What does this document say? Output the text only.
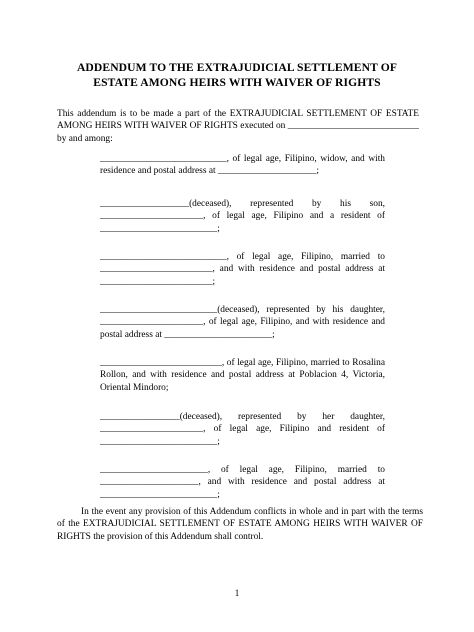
ADDENDUM TO THE EXTRAJUDICIAL SETTLEMENT OF
ESTATE AMONG HEIRS WITH WAIVER OF RIGHTS
This addendum is to be made a part of the EXTRAJUDICIAL SETTLEMENT OF ESTATE AMONG HEIRS WITH WAIVER OF RIGHTS executed on ____________________________ by and among:
___________________________, of legal age, Filipino, widow, and with residence and postal address at _____________________;
___________________(deceased), represented by his son, ______________________, of legal age, Filipino and a resident of _________________________;
___________________________, of legal age, Filipino, married to ________________________, and with residence and postal address at ________________________;
_________________________(deceased), represented by his daughter, ______________________, of legal age, Filipino, and with residence and postal address at _______________________;
__________________________, of legal age, Filipino, married to Rosalina Rollon, and with residence and postal address at Poblacion 4, Victoria, Oriental Mindoro;
_________________(deceased), represented by her daughter, ______________________, of legal age, Filipino and resident of _________________________;
_______________________, of legal age, Filipino, married to _____________________, and with residence and postal address at _________________________;
In the event any provision of this Addendum conflicts in whole and in part with the terms of the EXTRAJUDICIAL SETTLEMENT OF ESTATE AMONG HEIRS WITH WAIVER OF RIGHTS the provision of this Addendum shall control.
1
